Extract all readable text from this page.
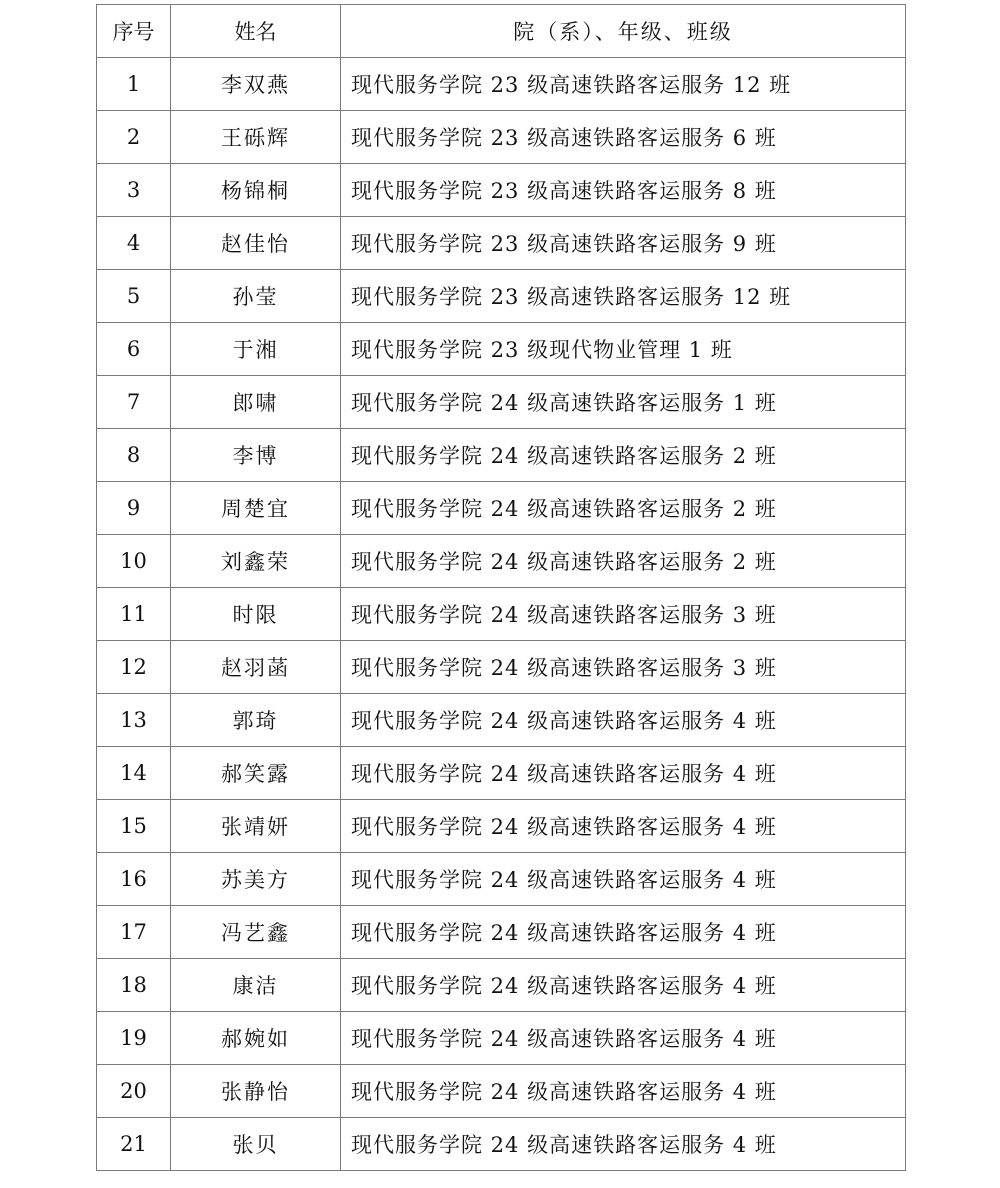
序号	姓名	院（系）、年级、班级
1	李双燕	现代服务学院 23 级高速铁路客运服务 12 班
2	王砾辉	现代服务学院 23 级高速铁路客运服务 6 班
3	杨锦桐	现代服务学院 23 级高速铁路客运服务 8 班
4	赵佳怡	现代服务学院 23 级高速铁路客运服务 9 班
5	孙莹	现代服务学院 23 级高速铁路客运服务 12 班
6	于湘	现代服务学院 23 级现代物业管理 1 班
7	郎啸	现代服务学院 24 级高速铁路客运服务 1 班
8	李博	现代服务学院 24 级高速铁路客运服务 2 班
9	周楚宜	现代服务学院 24 级高速铁路客运服务 2 班
10	刘鑫荣	现代服务学院 24 级高速铁路客运服务 2 班
11	时限	现代服务学院 24 级高速铁路客运服务 3 班
12	赵羽菡	现代服务学院 24 级高速铁路客运服务 3 班
13	郭琦	现代服务学院 24 级高速铁路客运服务 4 班
14	郝笑露	现代服务学院 24 级高速铁路客运服务 4 班
15	张靖妍	现代服务学院 24 级高速铁路客运服务 4 班
16	苏美方	现代服务学院 24 级高速铁路客运服务 4 班
17	冯艺鑫	现代服务学院 24 级高速铁路客运服务 4 班
18	康洁	现代服务学院 24 级高速铁路客运服务 4 班
19	郝婉如	现代服务学院 24 级高速铁路客运服务 4 班
20	张静怡	现代服务学院 24 级高速铁路客运服务 4 班
21	张贝	现代服务学院 24 级高速铁路客运服务 4 班
